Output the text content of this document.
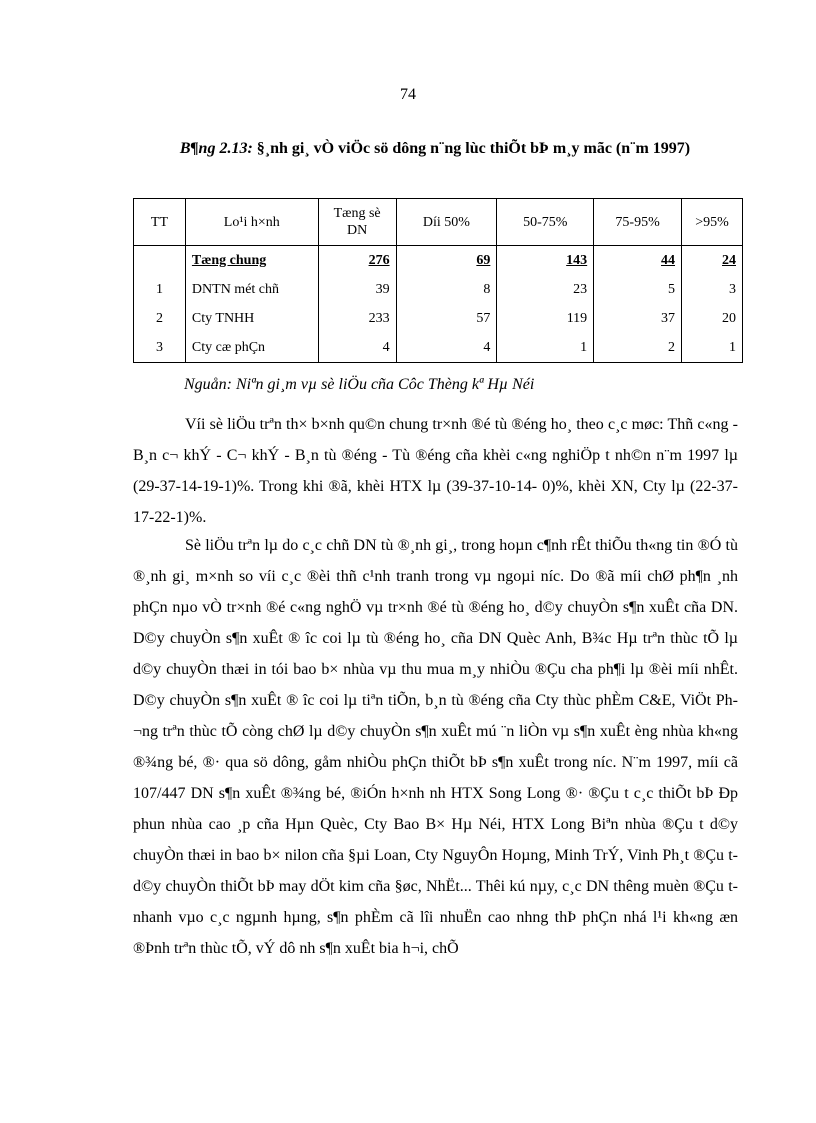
74
B¶ng 2.13: §¸nh gi¸ vÒ viÖc sö dông n¨ng lùc thiÕt bÞ m¸y mãc (n¨m 1997)
TT	Lo¹i h×nh	Tæng sè DN	Díi 50%	50-75%	75-95%	>95%
	Tæng chung	276	69	143	44	24
1	DNTN mét chñ	39	8	23	5	3
2	Cty TNHH	233	57	119	37	20
3	Cty cæ phÇn	4	4	1	2	1
Nguån: Niªn gi¸m vµ sè liÖu cña Côc Thèng kª Hµ Néi

Víi sè liÖu trªn th× b×nh qu©n chung tr×nh ®é tù ®éng ho¸ theo c¸c møc: Thñ c«ng - B¸n c¬ khÝ - C¬ khÝ - B¸n tù ®éng - Tù ®éng cña khèi c«ng nghiÖp t nh©n n¨m 1997 lµ (29-37-14-19-1)%. Trong khi ®ã, khèi HTX lµ (39-37-10-14- 0)%, khèi XN, Cty lµ (22-37-17-22-1)%.

Sè liÖu trªn lµ do c¸c chñ DN tù ®¸nh gi¸, trong hoµn c¶nh rÊt thiÕu th«ng tin ®Ó tù ®¸nh gi¸ m×nh so víi c¸c ®èi thñ c¹nh tranh trong vµ ngoµi níc. Do ®ã míi chØ ph¶n ¸nh phÇn nµo vÒ tr×nh ®é c«ng nghÖ vµ tr×nh ®é tù ®éng ho¸ d©y chuyÒn s¶n xuÊt cña DN. D©y chuyÒn s¶n xuÊt ® îc coi lµ tù ®éng ho¸ cña DN Quèc Anh, B¾c Hµ trªn thùc tÕ lµ d©y chuyÒn thæi in tói bao b× nhùa vµ thu mua m¸y nhiÒu ®Çu cha ph¶i lµ ®èi míi nhÊt. D©y chuyÒn s¶n xuÊt ® îc coi lµ tiªn tiÕn, b¸n tù ®éng cña Cty thùc phÈm C&E, ViÖt Ph¬ng trªn thùc tÕ còng chØ lµ d©y chuyÒn s¶n xuÊt mú ¨n liÒn vµ s¶n xuÊt èng nhùa kh«ng ®¾ng bé, ®· qua sö dông, gåm nhiÒu phÇn thiÕt bÞ s¶n xuÊt trong níc. N¨m 1997, míi cã 107/447 DN s¶n xuÊt ®¾ng bé, ®iÓn h×nh nh HTX Song Long ®· ®Çu t c¸c thiÕt bÞ Ðp phun nhùa cao ¸p cña Hµn Quèc, Cty Bao B× Hµ Néi, HTX Long Biªn nhùa ®Çu t d©y chuyÒn thæi in bao b× nilon cña §µi Loan, Cty NguyÔn Hoµng, Minh TrÝ, Vinh Ph¸t ®Çu t d©y chuyÒn thiÕt bÞ may dÖt kim cña §øc, NhËt... Thêi kú nµy, c¸c DN thêng muèn ®Çu t nhanh vµo c¸c ngµnh hµng, s¶n phÈm cã lîi nhuËn cao nhng thÞ phÇn nhá l¹i kh«ng æn ®Þnh trªn thùc tÕ, vÝ dô nh s¶n xuÊt bia h¬i, chÕ
